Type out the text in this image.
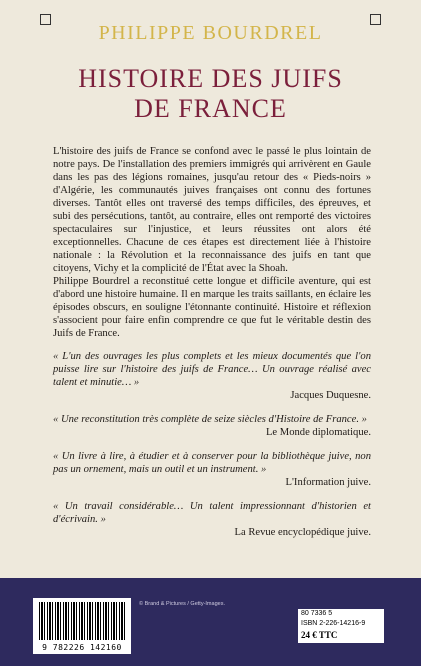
PHILIPPE BOURDREL
HISTOIRE DES JUIFS
DE FRANCE

L'histoire des juifs de France se confond avec le passé le plus lointain de notre pays. De l'installation des premiers immigrés qui arrivèrent en Gaule dans les pas des légions romaines, jusqu'au retour des « Pieds-noirs » d'Algérie, les communautés juives françaises ont connu des fortunes diverses. Tantôt elles ont traversé des temps difficiles, des épreuves, et subi des persécutions, tantôt, au contraire, elles ont remporté des victoires spectaculaires sur l'injustice, et leurs réussites ont alors été exceptionnelles. Chacune de ces étapes est directement liée à l'histoire nationale : la Révolution et la reconnaissance des juifs en tant que citoyens, Vichy et la complicité de l'État avec la Shoah.

Philippe Bourdrel a reconstitué cette longue et difficile aventure, qui est d'abord une histoire humaine. Il en marque les traits saillants, en éclaire les épisodes obscurs, en souligne l'étonnante continuité. Histoire et réflexion s'associent pour faire enfin comprendre ce que fut le véritable destin des Juifs de France.

« L'un des ouvrages les plus complets et les mieux documentés que l'on puisse lire sur l'histoire des juifs de France… Un ouvrage réalisé avec talent et minutie… »
Jacques Duquesne.
« Une reconstitution très complète de seize siècles d'Histoire de France. »
Le Monde diplomatique.
« Un livre à lire, à étudier et à conserver pour la bibliothèque juive, non pas un ornement, mais un outil et un instrument. »
L'Information juive.
« Un travail considérable… Un talent impressionnant d'historien et d'écrivain. »
La Revue encyclopédique juive.
9 782226 142160
© Brand & Pictures / Getty-Images.
80 7336 5
ISBN 2-226-14216-9
24 € TTC
